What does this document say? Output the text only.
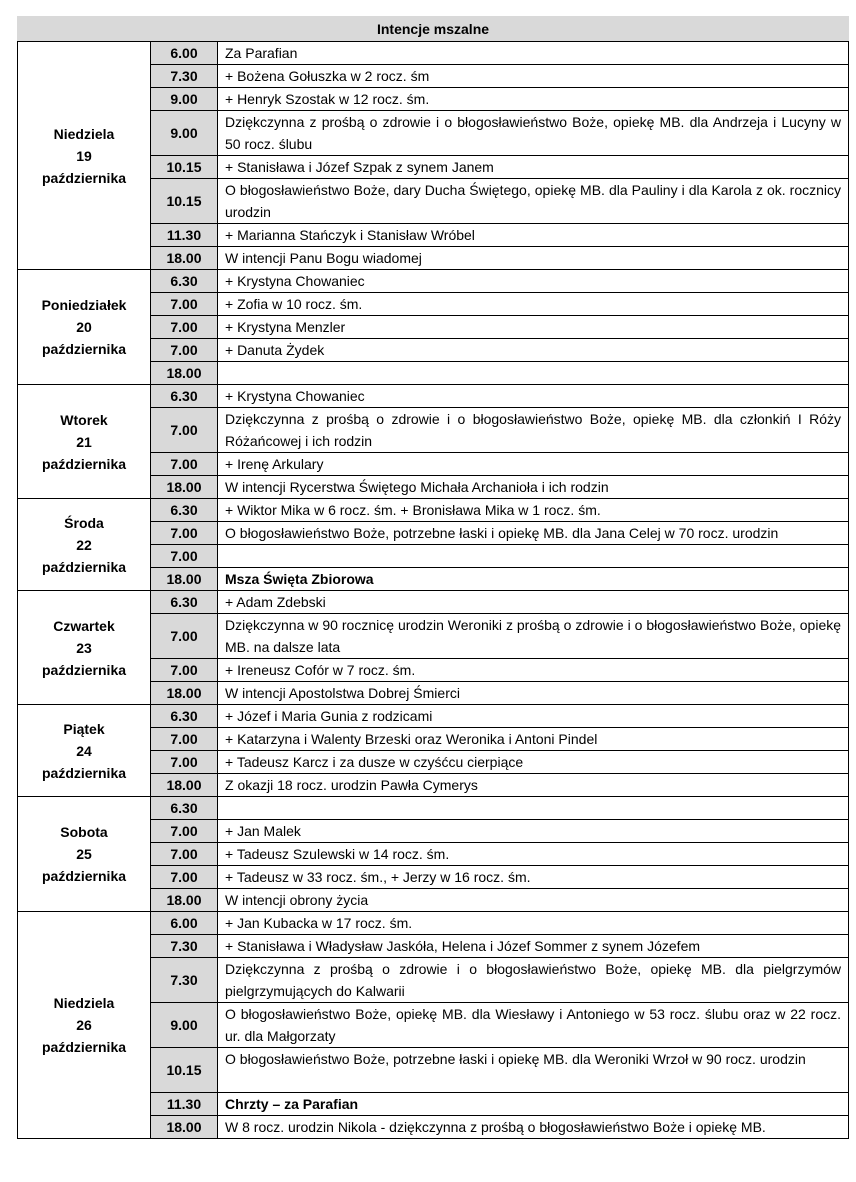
Intencje mszalne		

Niedziela
19
października	6.00	Za Parafian
	7.30	+ Bożena Gołuszka w 2 rocz. śm
	9.00	+ Henryk Szostak w 12 rocz. śm.
	9.00	Dziękczynna z prośbą o zdrowie i o błogosławieństwo Boże, opiekę MB. dla Andrzeja i Lucyny w 50 rocz. ślubu
	10.15	+ Stanisława i Józef Szpak z synem Janem
	10.15	O błogosławieństwo Boże, dary Ducha Świętego, opiekę MB. dla Pauliny i dla Karola z ok. rocznicy urodzin
	11.30	+ Marianna Stańczyk i Stanisław Wróbel
	18.00	W intencji Panu Bogu wiadomej

Poniedziałek
20
października	6.30	+ Krystyna Chowaniec
	7.00	+ Zofia w 10 rocz. śm.
	7.00	+ Krystyna Menzler
	7.00	+ Danuta Żydek
	18.00	

Wtorek
21
października	6.30	+ Krystyna Chowaniec
	7.00	Dziękczynna z prośbą o zdrowie i o błogosławieństwo Boże, opiekę MB. dla członkiń I Róży Różańcowej i ich rodzin
	7.00	+ Irenę Arkulary
	18.00	W intencji Rycerstwa Świętego Michała Archanioła i ich rodzin

Środa
22
października	6.30	+ Wiktor Mika w 6 rocz. śm. + Bronisława Mika w 1 rocz. śm.
	7.00	O błogosławieństwo Boże, potrzebne łaski i opiekę MB. dla Jana Celej w 70 rocz. urodzin
	7.00	
	18.00	Msza Święta Zbiorowa

Czwartek
23
października	6.30	+ Adam Zdebski
	7.00	Dziękczynna w 90 rocznicę urodzin Weroniki z prośbą o zdrowie i o błogosławieństwo Boże, opiekę MB. na dalsze lata
	7.00	+ Ireneusz Cofór w 7 rocz. śm.
	18.00	W intencji Apostolstwa Dobrej Śmierci

Piątek
24
października	6.30	+ Józef i Maria Gunia z rodzicami
	7.00	+ Katarzyna i Walenty Brzeski oraz Weronika i Antoni Pindel
	7.00	+ Tadeusz Karcz i za dusze w czyśćcu cierpiące
	18.00	Z okazji 18 rocz. urodzin Pawła Cymerys

Sobota
25
października	6.30	
	7.00	+ Jan Malek
	7.00	+ Tadeusz Szulewski w 14 rocz. śm.
	7.00	+ Tadeusz w 33 rocz. śm., + Jerzy w 16 rocz. śm.
	18.00	W intencji obrony życia

Niedziela
26
października	6.00	+ Jan Kubacka w 17 rocz. śm.
	7.30	+ Stanisława i Władysław Jaskóła, Helena i Józef Sommer z synem Józefem
	7.30	Dziękczynna z prośbą o zdrowie i o błogosławieństwo Boże, opiekę MB. dla pielgrzymów pielgrzymujących do Kalwarii
	9.00	O błogosławieństwo Boże, opiekę MB. dla Wiesławy i Antoniego w 53 rocz. ślubu oraz w 22 rocz. ur. dla Małgorzaty
	10.15	O błogosławieństwo Boże, potrzebne łaski i opiekę MB. dla Weroniki Wrzoł w 90 rocz. urodzin
	11.30	Chrzty – za Parafian
	18.00	W 8 rocz. urodzin Nikola - dziękczynna z prośbą o błogosławieństwo Boże i opiekę MB.
